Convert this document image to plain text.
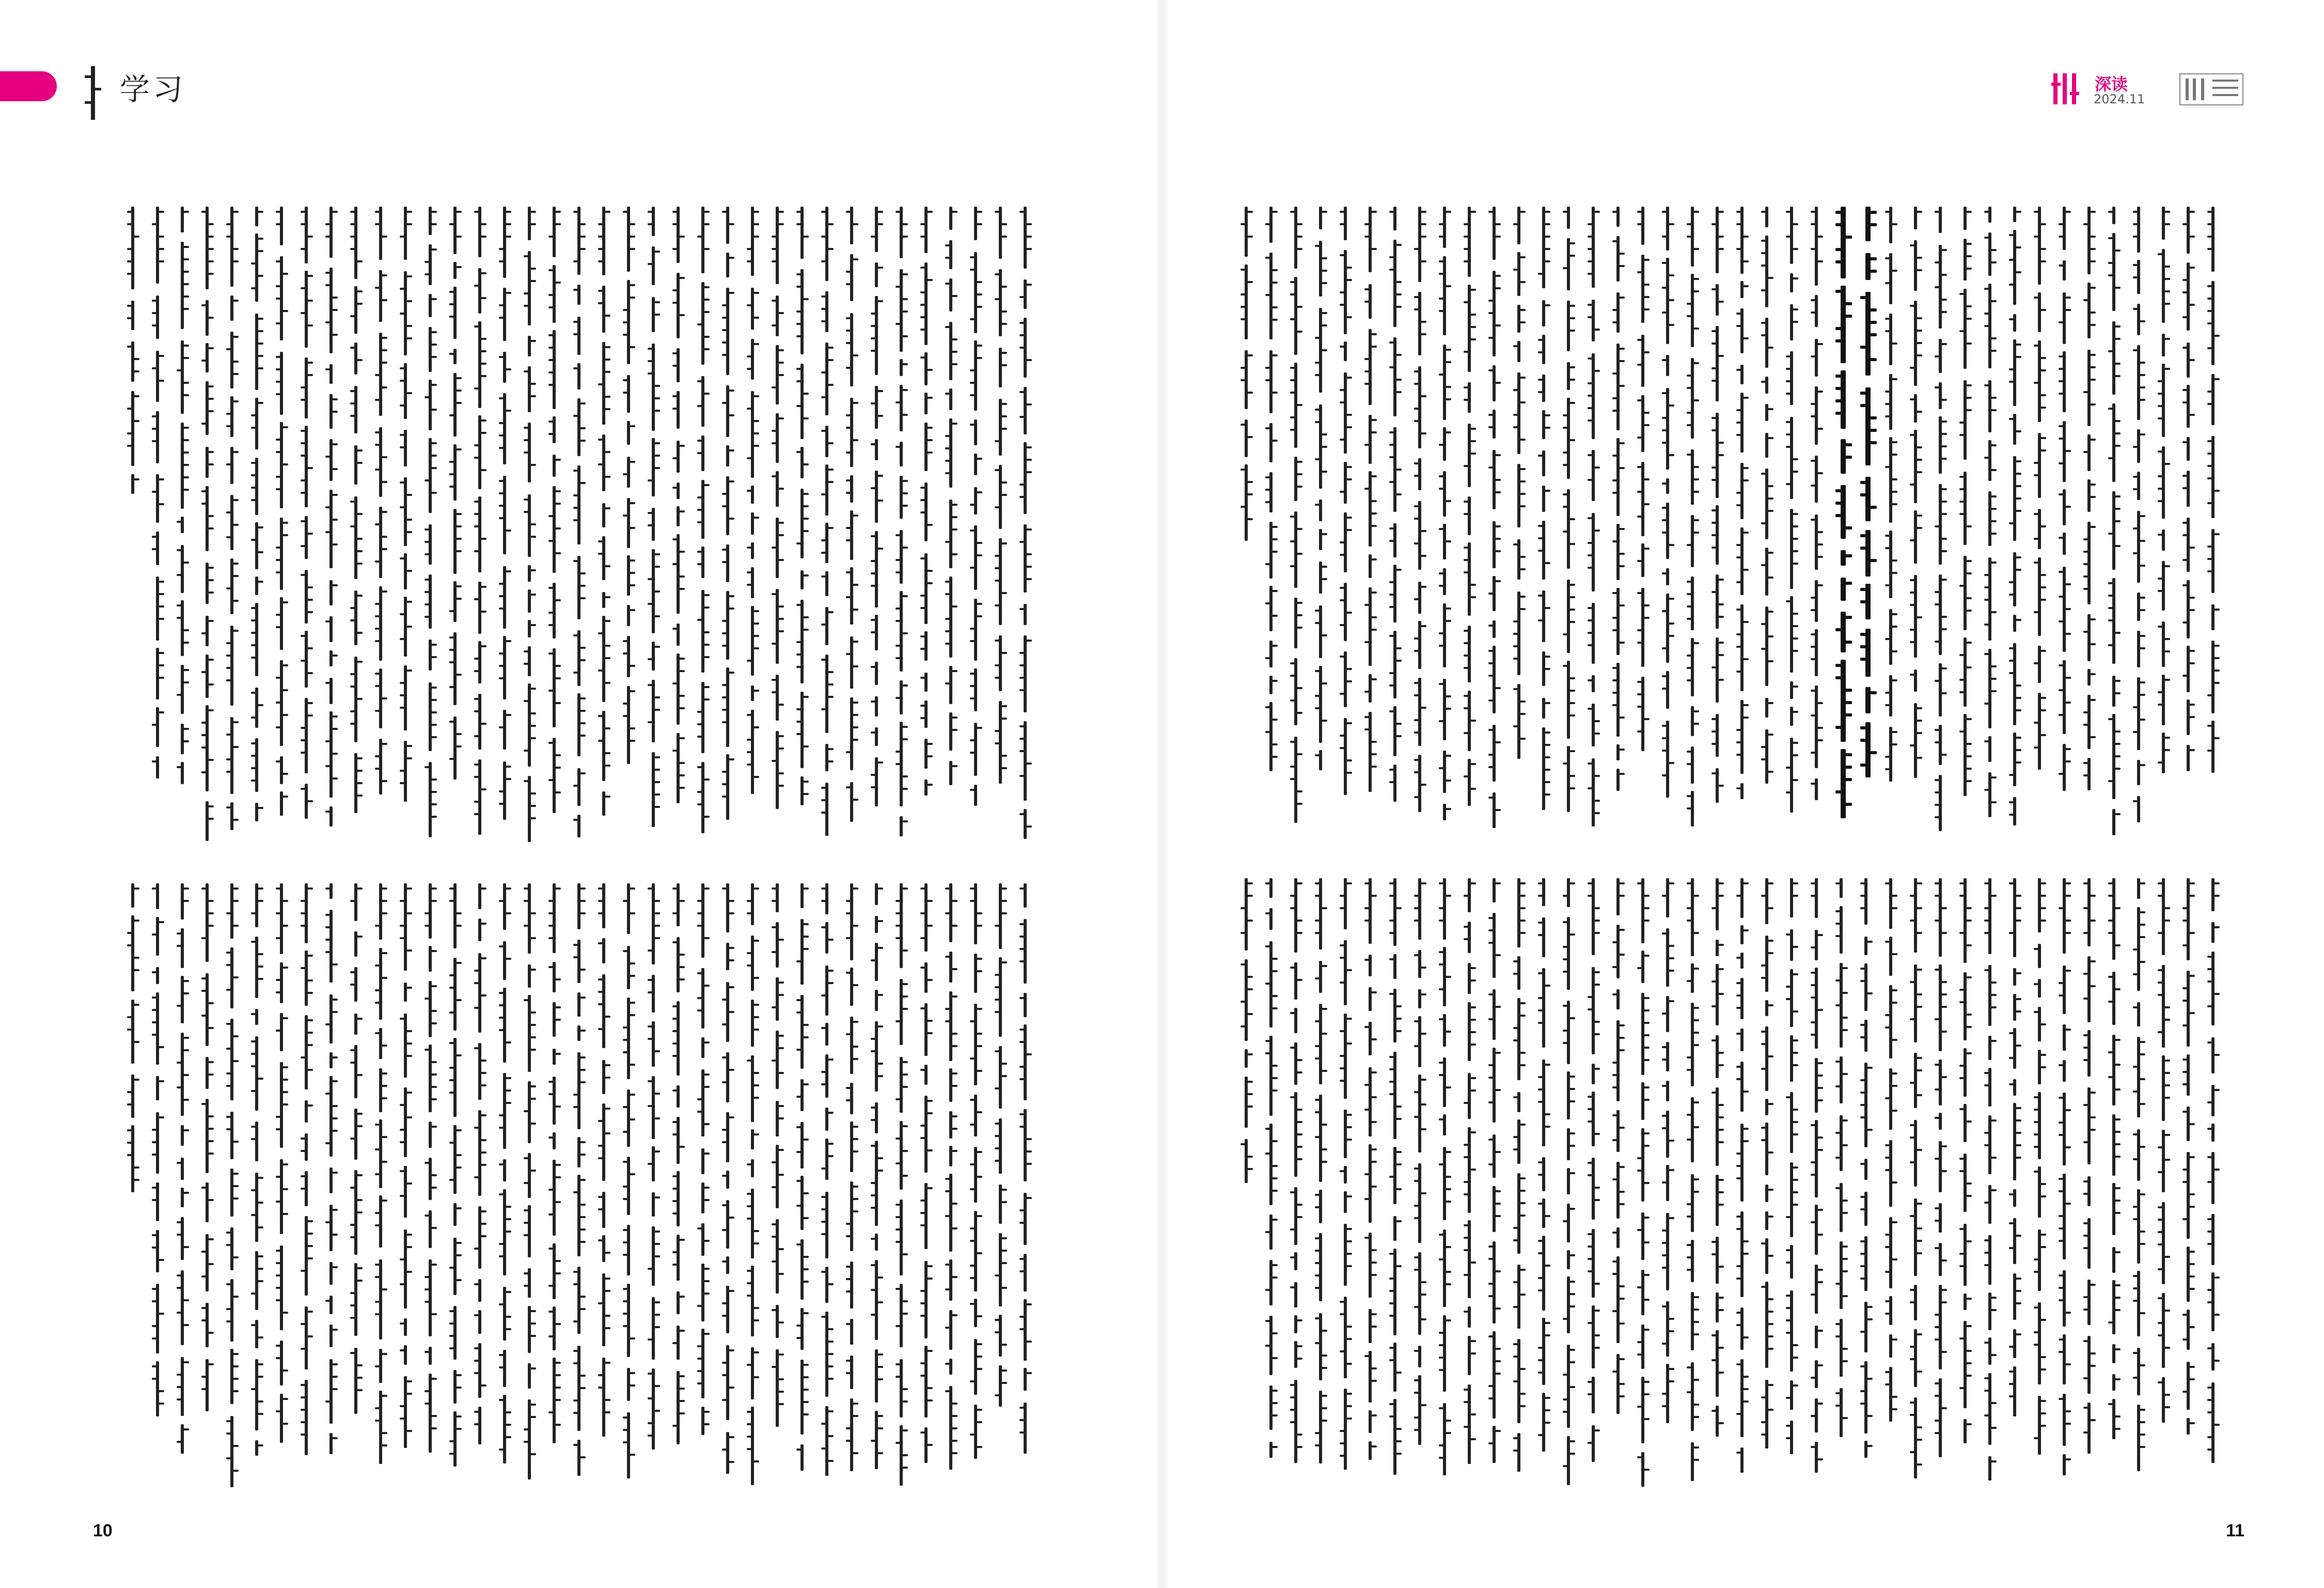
学习
10
深读
2024.11
11
